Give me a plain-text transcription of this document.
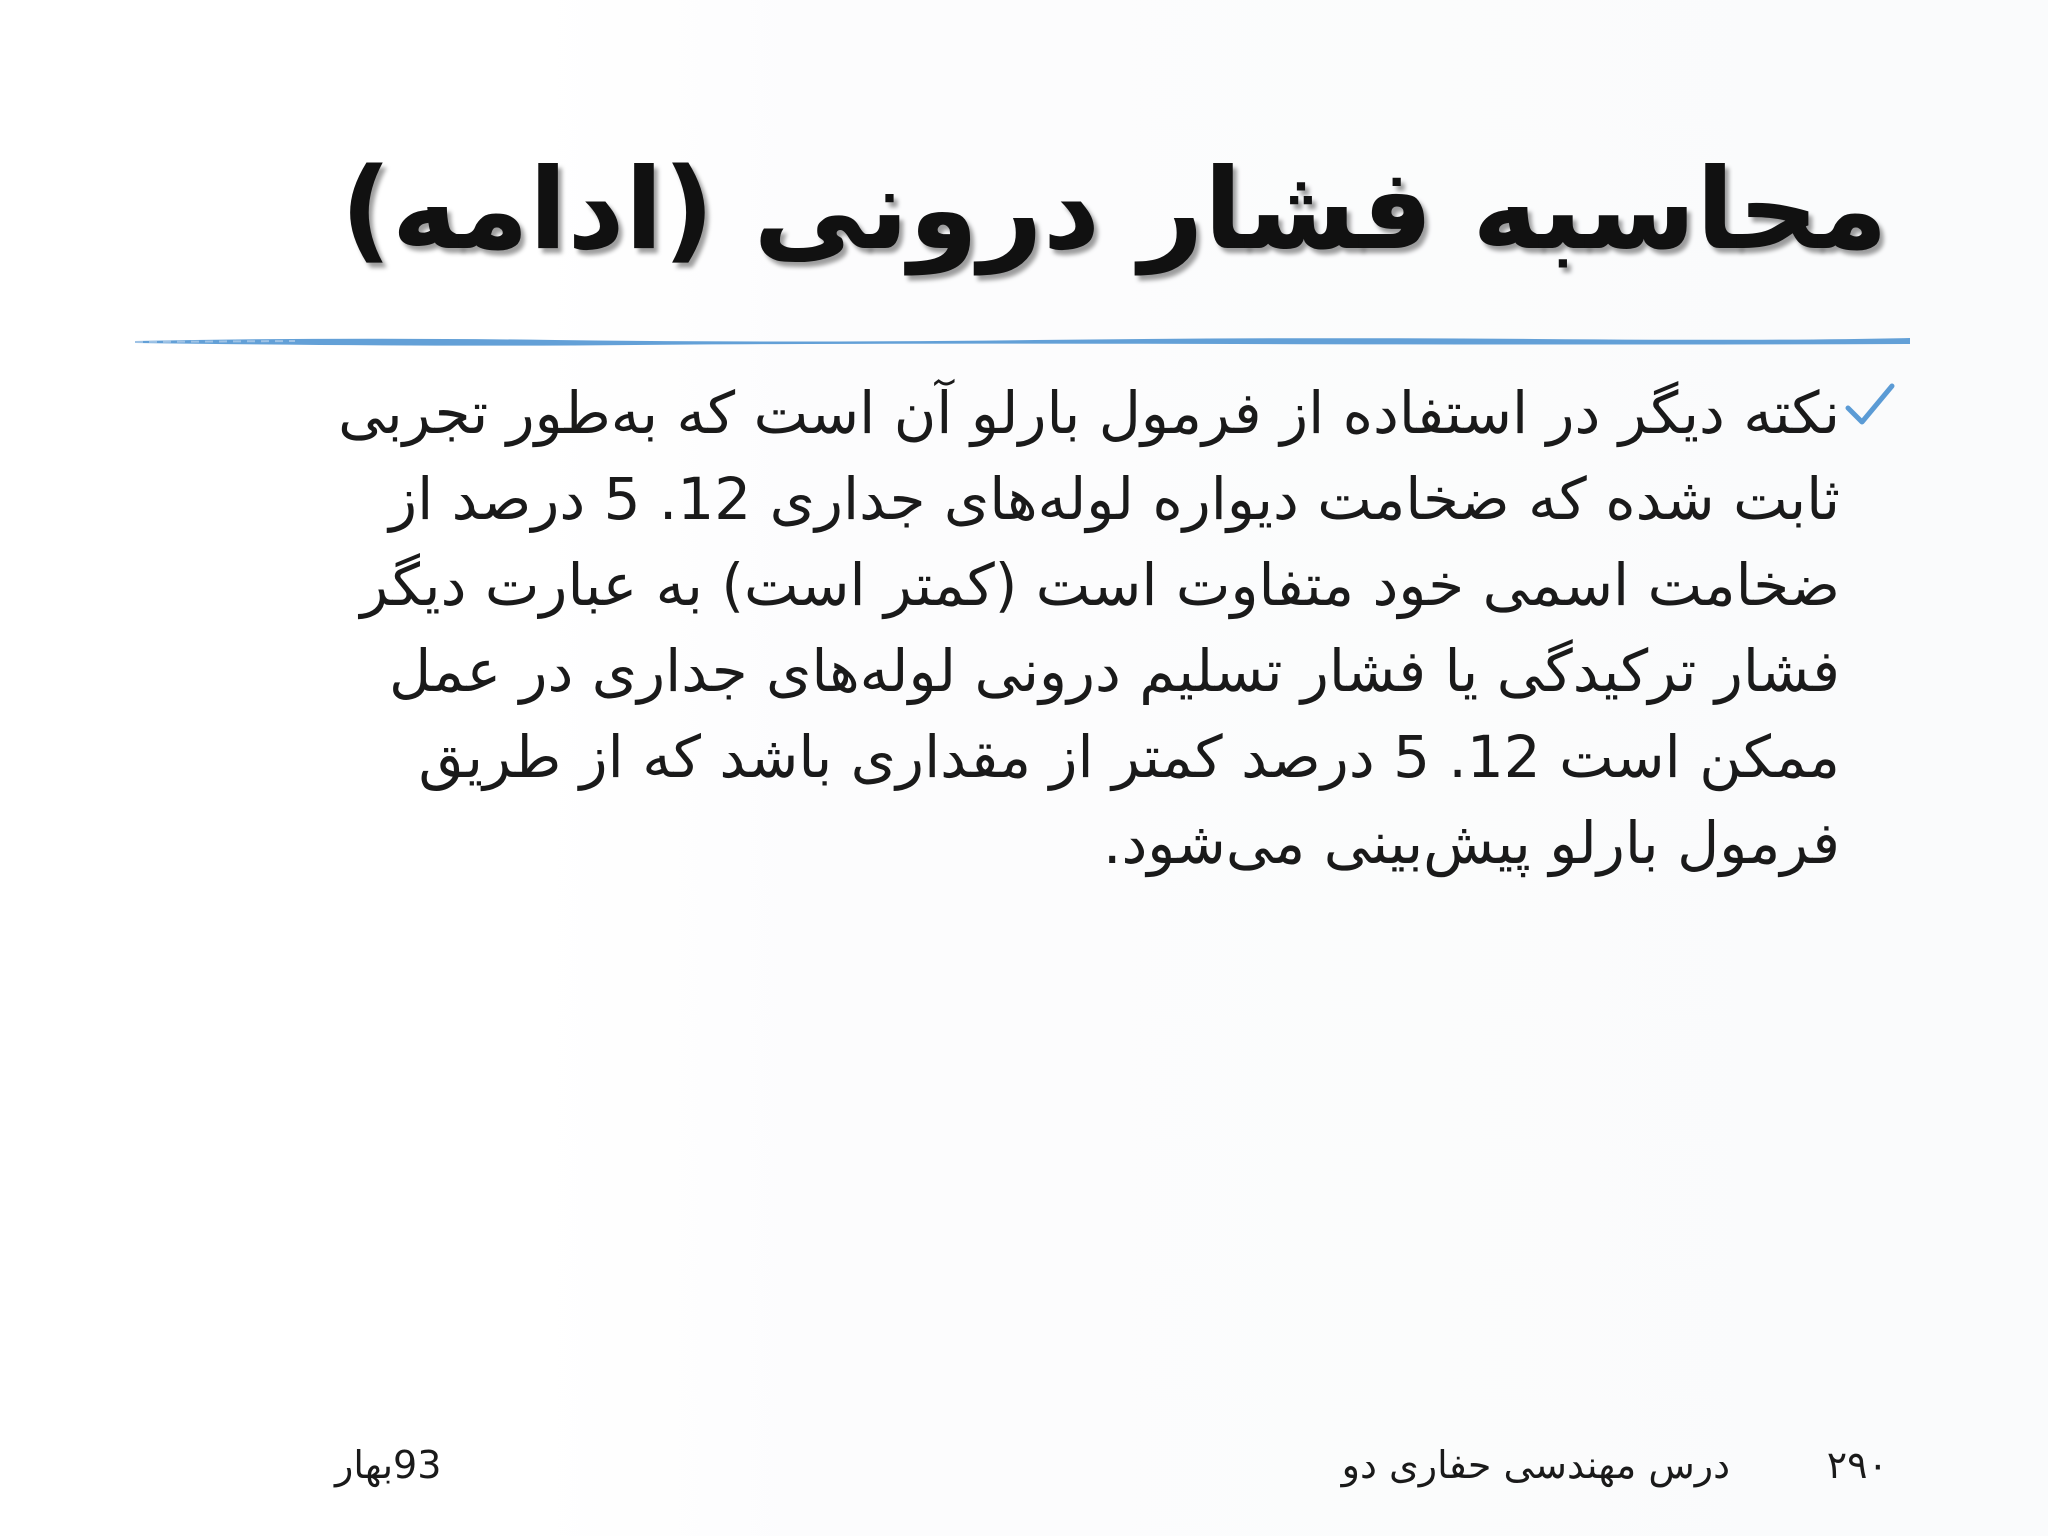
محاسبه فشار درونی (ادامه)
نکته دیگر در استفاده از فرمول بارلو آن است که به‌طور تجربی ثابت شده که ضخامت دیواره لوله‌های جداری 12. 5 درصد از ضخامت اسمی خود متفاوت است (کمتر است) به عبارت دیگر فشار ترکیدگی یا فشار تسلیم درونی لوله‌های جداری در عمل ممکن است 12. 5 درصد کمتر از مقداری باشد که از طریق فرمول بارلو پیش‌بینی می‌شود.
۲۹۰
درس مهندسی حفاری دو
93بهار
